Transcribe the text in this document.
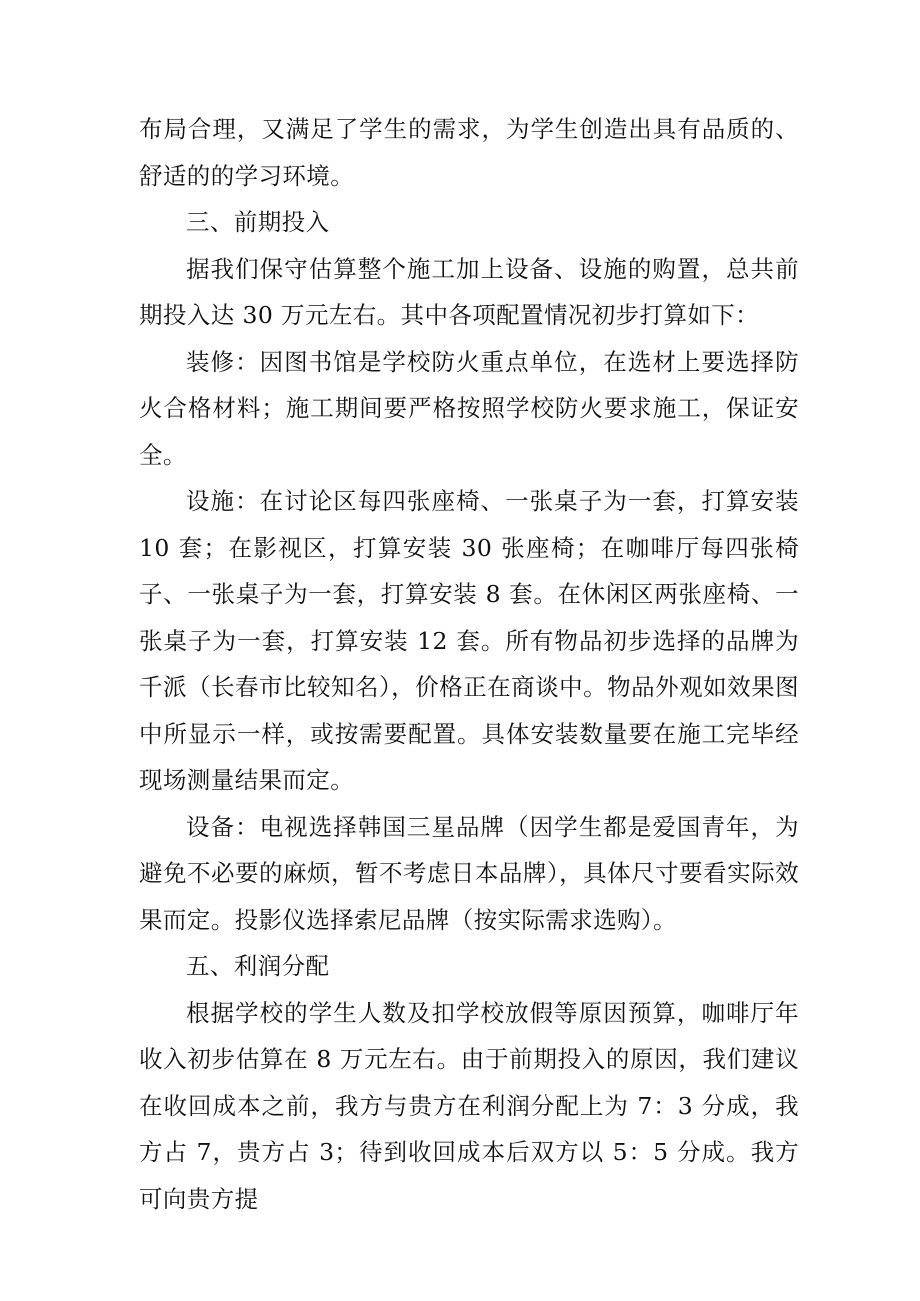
布局合理，又满足了学生的需求，为学生创造出具有品质的、舒适的的学习环境。

三、前期投入

据我们保守估算整个施工加上设备、设施的购置，总共前期投入达 30 万元左右。其中各项配置情况初步打算如下：

装修：因图书馆是学校防火重点单位，在选材上要选择防火合格材料；施工期间要严格按照学校防火要求施工，保证安全。

设施：在讨论区每四张座椅、一张桌子为一套，打算安装 10 套；在影视区，打算安装 30 张座椅；在咖啡厅每四张椅子、一张桌子为一套，打算安装 8 套。在休闲区两张座椅、一张桌子为一套，打算安装 12 套。所有物品初步选择的品牌为千派（长春市比较知名），价格正在商谈中。物品外观如效果图中所显示一样，或按需要配置。具体安装数量要在施工完毕经现场测量结果而定。

设备：电视选择韩国三星品牌（因学生都是爱国青年，为避免不必要的麻烦，暂不考虑日本品牌），具体尺寸要看实际效果而定。投影仪选择索尼品牌（按实际需求选购）。

五、利润分配

根据学校的学生人数及扣学校放假等原因预算，咖啡厅年收入初步估算在 8 万元左右。由于前期投入的原因，我们建议在收回成本之前，我方与贵方在利润分配上为 7：3 分成，我方占 7，贵方占 3；待到收回成本后双方以 5：5 分成。我方可向贵方提
